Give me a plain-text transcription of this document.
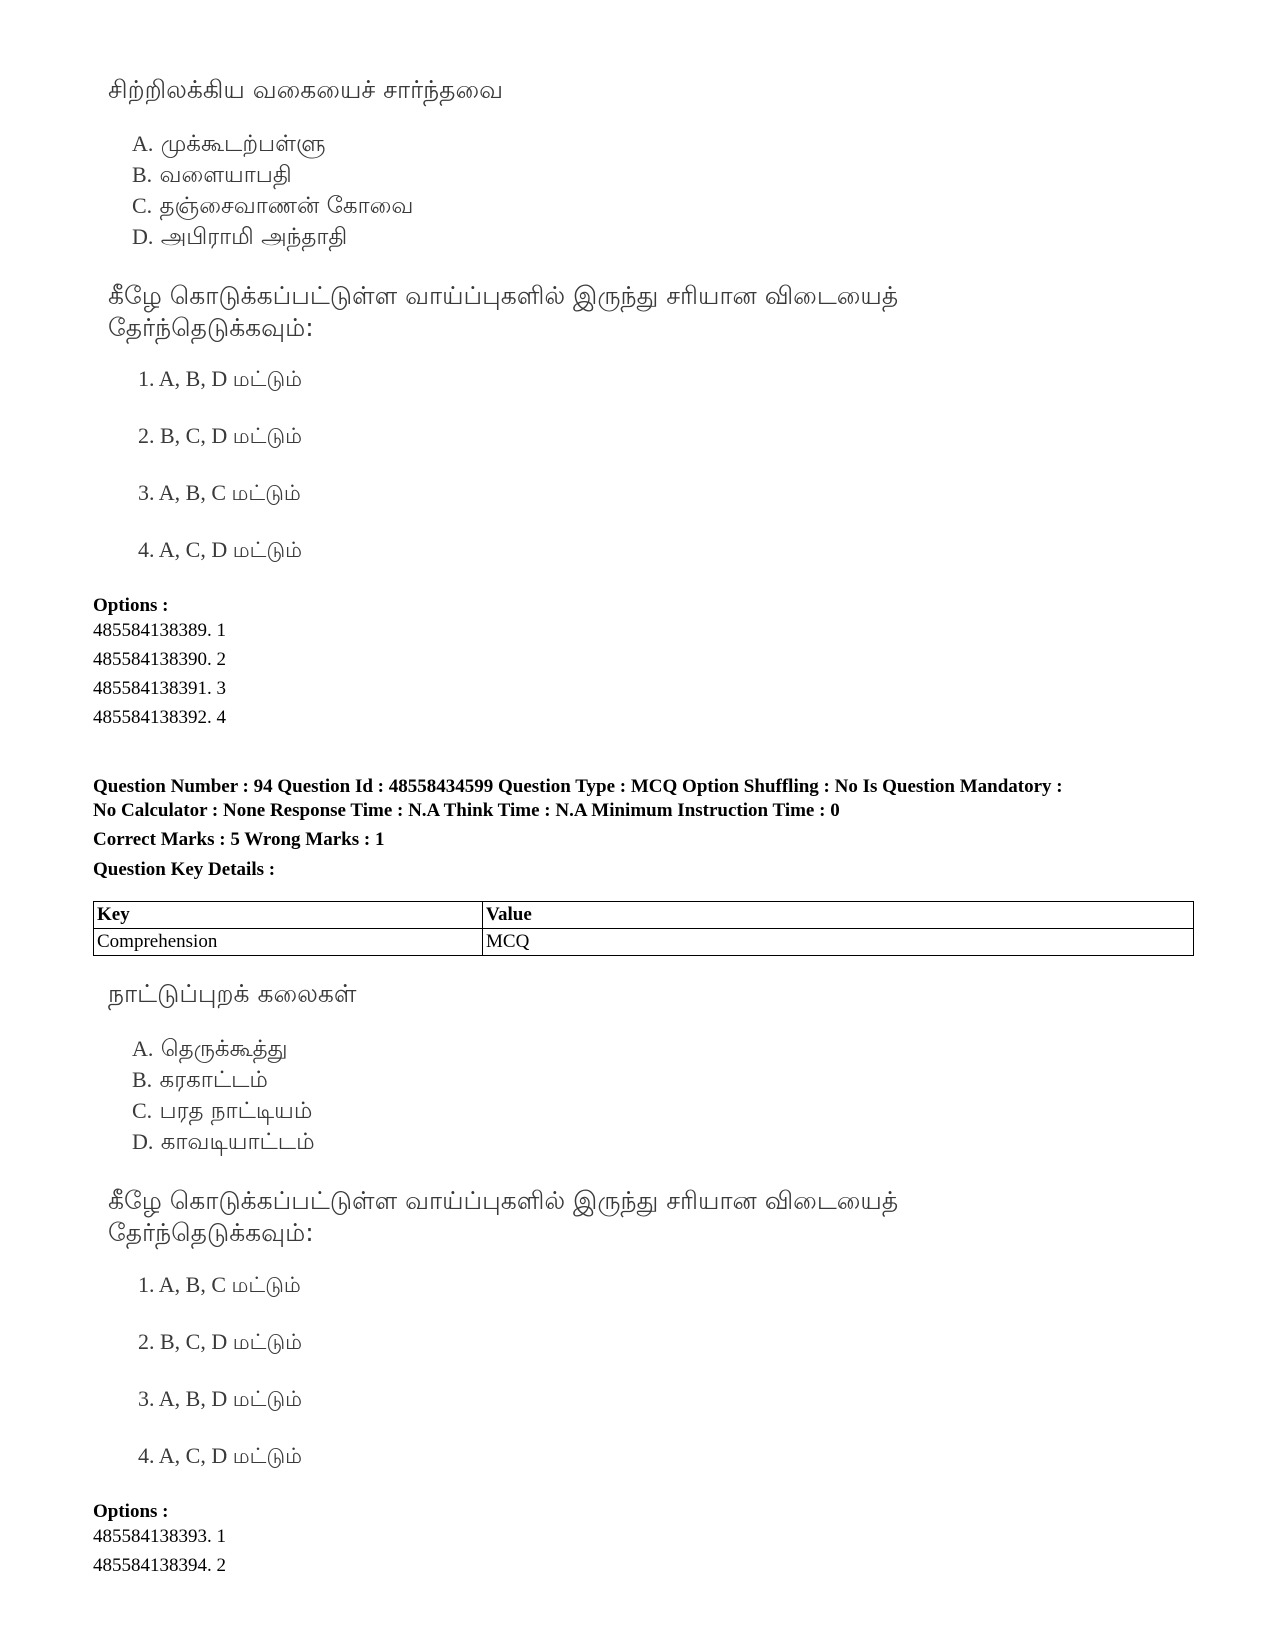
சிற்றிலக்கிய வகையைச் சார்ந்தவை
A. முக்கூடற்பள்ளு
B. வளையாபதி
C. தஞ்சைவாணன் கோவை
D. அபிராமி அந்தாதி
கீழே கொடுக்கப்பட்டுள்ள வாய்ப்புகளில் இருந்து சரியான விடையைத்
தேர்ந்தெடுக்கவும்:
1. A, B, D மட்டும்
2. B, C, D மட்டும்
3. A, B, C மட்டும்
4. A, C, D மட்டும்
Options :
485584138389. 1
485584138390. 2
485584138391. 3
485584138392. 4
Question Number : 94 Question Id : 48558434599 Question Type : MCQ Option Shuffling : No Is Question Mandatory :
No Calculator : None Response Time : N.A Think Time : N.A Minimum Instruction Time : 0
Correct Marks : 5 Wrong Marks : 1
Question Key Details :
Key	Value
Comprehension	MCQ
நாட்டுப்புறக் கலைகள்
A. தெருக்கூத்து
B. கரகாட்டம்
C. பரத நாட்டியம்
D. காவடியாட்டம்
கீழே கொடுக்கப்பட்டுள்ள வாய்ப்புகளில் இருந்து சரியான விடையைத்
தேர்ந்தெடுக்கவும்:
1. A, B, C மட்டும்
2. B, C, D மட்டும்
3. A, B, D மட்டும்
4. A, C, D மட்டும்
Options :
485584138393. 1
485584138394. 2
